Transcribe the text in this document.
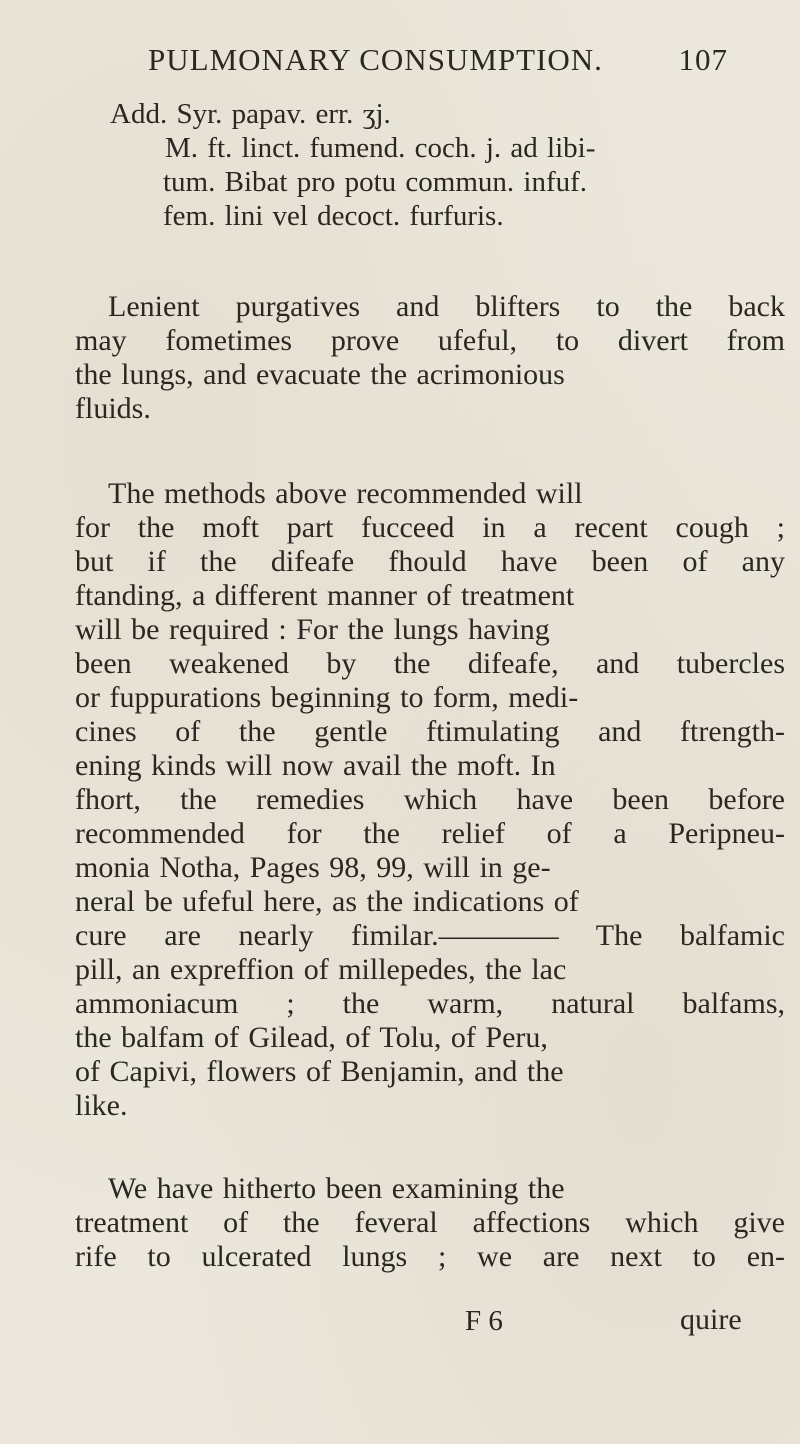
PULMONARY CONSUMPTION. 107
Add. Syr. papav. err. ʒj.
M. ft. linct. fumend. coch. j. ad libi-
tum. Bibat pro potu commun. infuf.
fem. lini vel decoct. furfuris.
Lenient purgatives and blifters to the back
may fometimes prove ufeful, to divert from
the lungs, and evacuate the acrimonious
fluids.
The methods above recommended will
for the moft part fucceed in a recent cough ;
but if the difeafe fhould have been of any
ftanding, a different manner of treatment
will be required : For the lungs having
been weakened by the difeafe, and tubercles
or fuppurations beginning to form, medi-
cines of the gentle ftimulating and ftrength-
ening kinds will now avail the moft. In
fhort, the remedies which have been before
recommended for the relief of a Peripneu-
monia Notha, Pages 98, 99, will in ge-
neral be ufeful here, as the indications of
cure are nearly fimilar.———— The balfamic
pill, an expreffion of millepedes, the lac
ammoniacum ; the warm, natural balfams,
the balfam of Gilead, of Tolu, of Peru,
of Capivi, flowers of Benjamin, and the
like.
We have hitherto been examining the
treatment of the feveral affections which give
rife to ulcerated lungs ; we are next to en-
F 6	quire
